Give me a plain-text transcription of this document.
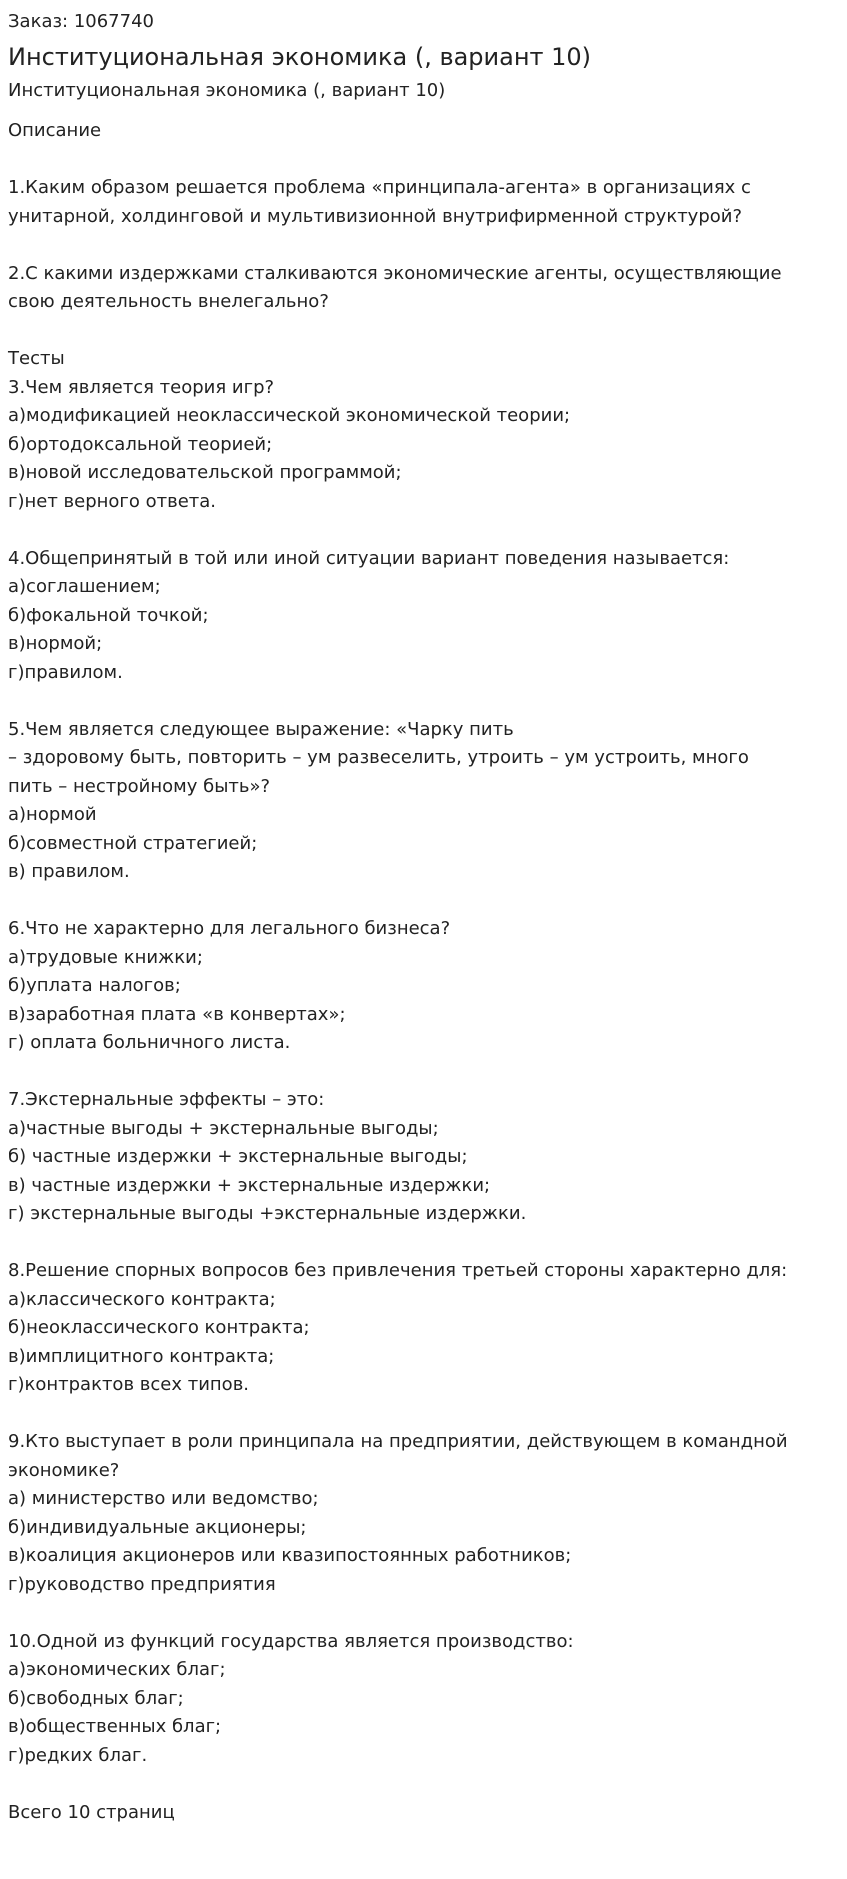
Заказ: 1067740
Институциональная экономика (, вариант 10)
Институциональная экономика (, вариант 10)
Описание
1.Каким образом решается проблема «принципала-агента» в организациях с
унитарной, холдинговой и мультивизионной внутрифирменной структурой?
2.С какими издержками сталкиваются экономические агенты, осуществляющие
свою деятельность внелегально?
Тесты
3.Чем является теория игр?
а)модификацией неоклассической экономической теории;
б)ортодоксальной теорией;
в)новой исследовательской программой;
г)нет верного ответа.
4.Общепринятый в той или иной ситуации вариант поведения называется:
а)соглашением;
б)фокальной точкой;
в)нормой;
г)правилом.
5.Чем является следующее выражение: «Чарку пить
– здоровому быть, повторить – ум развеселить, утроить – ум устроить, много
пить – нестройному быть»?
а)нормой
б)совместной стратегией;
в) правилом.
6.Что не характерно для легального бизнеса?
а)трудовые книжки;
б)уплата налогов;
в)заработная плата «в конвертах»;
г) оплата больничного листа.
7.Экстернальные эффекты – это:
а)частные выгоды + экстернальные выгоды;
б) частные издержки + экстернальные выгоды;
в) частные издержки + экстернальные издержки;
г) экстернальные выгоды +экстернальные издержки.
8.Решение спорных вопросов без привлечения третьей стороны характерно для:
а)классического контракта;
б)неоклассического контракта;
в)имплицитного контракта;
г)контрактов всех типов.
9.Кто выступает в роли принципала на предприятии, действующем в командной
экономике?
а) министерство или ведомство;
б)индивидуальные акционеры;
в)коалиция акционеров или квазипостоянных работников;
г)руководство предприятия
10.Одной из функций государства является производство:
а)экономических благ;
б)свободных благ;
в)общественных благ;
г)редких благ.
Всего 10 страниц
